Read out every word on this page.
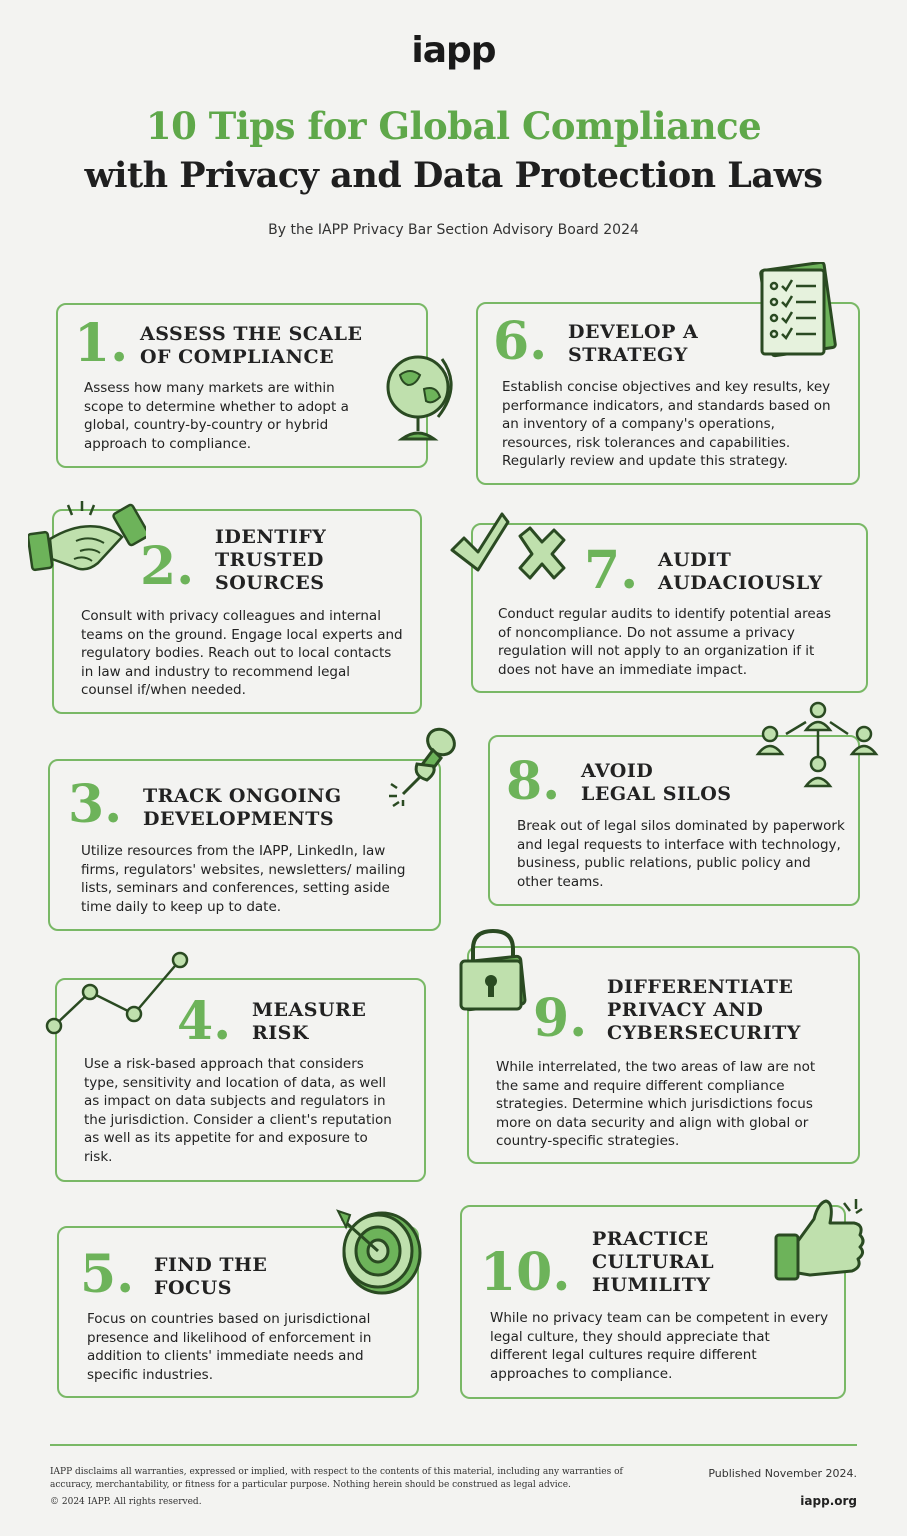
iapp
10 Tips for Global Compliance
with Privacy and Data Protection Laws
By the IAPP Privacy Bar Section Advisory Board 2024
1. ASSESS THE SCALE
OF COMPLIANCE
Assess how many markets are within scope to determine whether to adopt a global, country-by-country or hybrid approach to compliance.
2. IDENTIFY
TRUSTED
SOURCES
Consult with privacy colleagues and internal teams on the ground. Engage local experts and regulatory bodies. Reach out to local contacts in law and industry to recommend legal counsel if/when needed.
3. TRACK ONGOING
DEVELOPMENTS
Utilize resources from the IAPP, LinkedIn, law firms, regulators' websites, newsletters/ mailing lists, seminars and conferences, setting aside time daily to keep up to date.
4. MEASURE
RISK
Use a risk-based approach that considers type, sensitivity and location of data, as well as impact on data subjects and regulators in the jurisdiction. Consider a client's reputation as well as its appetite for and exposure to risk.
5. FIND THE
FOCUS
Focus on countries based on jurisdictional presence and likelihood of enforcement in addition to clients' immediate needs and specific industries.
6. DEVELOP A
STRATEGY
Establish concise objectives and key results, key performance indicators, and standards based on an inventory of a company's operations, resources, risk tolerances and capabilities. Regularly review and update this strategy.
7. AUDIT
AUDACIOUSLY
Conduct regular audits to identify potential areas of noncompliance. Do not assume a privacy regulation will not apply to an organization if it does not have an immediate impact.
8. AVOID
LEGAL SILOS
Break out of legal silos dominated by paperwork and legal requests to interface with technology, business, public relations, public policy and other teams.
9.
DIFFERENTIATE
PRIVACY AND
CYBERSECURITY
While interrelated, the two areas of law are not the same and require different compliance strategies. Determine which jurisdictions focus more on data security and align with global or country-specific strategies.
10.
PRACTICE
CULTURAL
HUMILITY
While no privacy team can be competent in every legal culture, they should appreciate that different legal cultures require different approaches to compliance.
IAPP disclaims all warranties, expressed or implied, with respect to the contents of this material, including any warranties of accuracy, merchantability, or fitness for a particular purpose. Nothing herein should be construed as legal advice.
© 2024 IAPP. All rights reserved.
Published November 2024.
iapp.org
